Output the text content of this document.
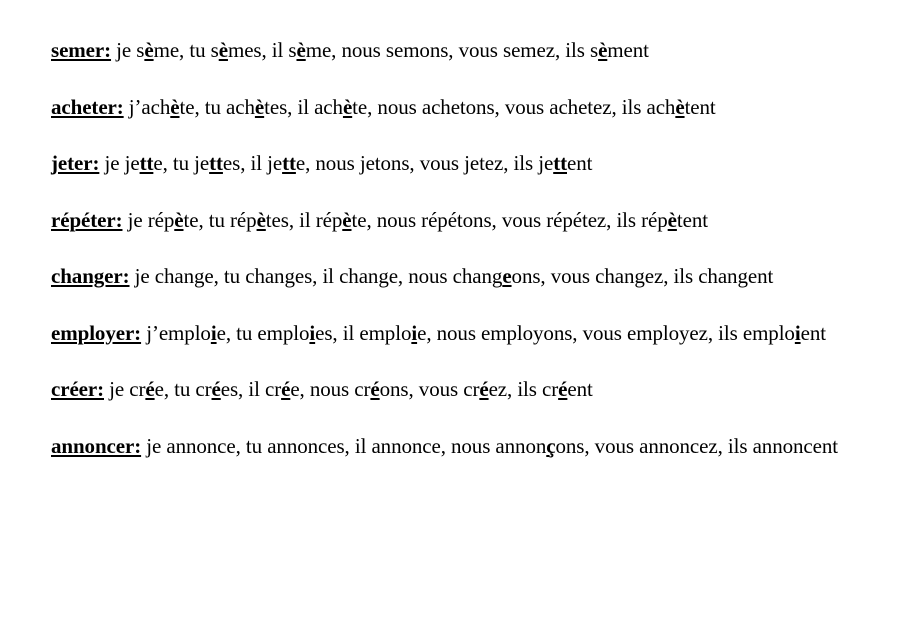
semer: je sème, tu sèmes, il sème, nous semons, vous semez, ils sèment

acheter: j’achète, tu achètes, il achète, nous achetons, vous achetez, ils achètent

jeter: je jette, tu jettes, il jette, nous jetons, vous jetez, ils jettent

répéter: je répète, tu répètes, il répète, nous répétons, vous répétez, ils répètent

changer: je change, tu changes, il change, nous changeons, vous changez, ils changent

employer: j’emploie, tu emploies, il emploie, nous employons, vous employez, ils emploient

créer: je crée, tu crées, il crée, nous créons, vous créez, ils créent

annoncer: je annonce, tu annonces, il annonce, nous annonçons, vous annoncez, ils annoncent
